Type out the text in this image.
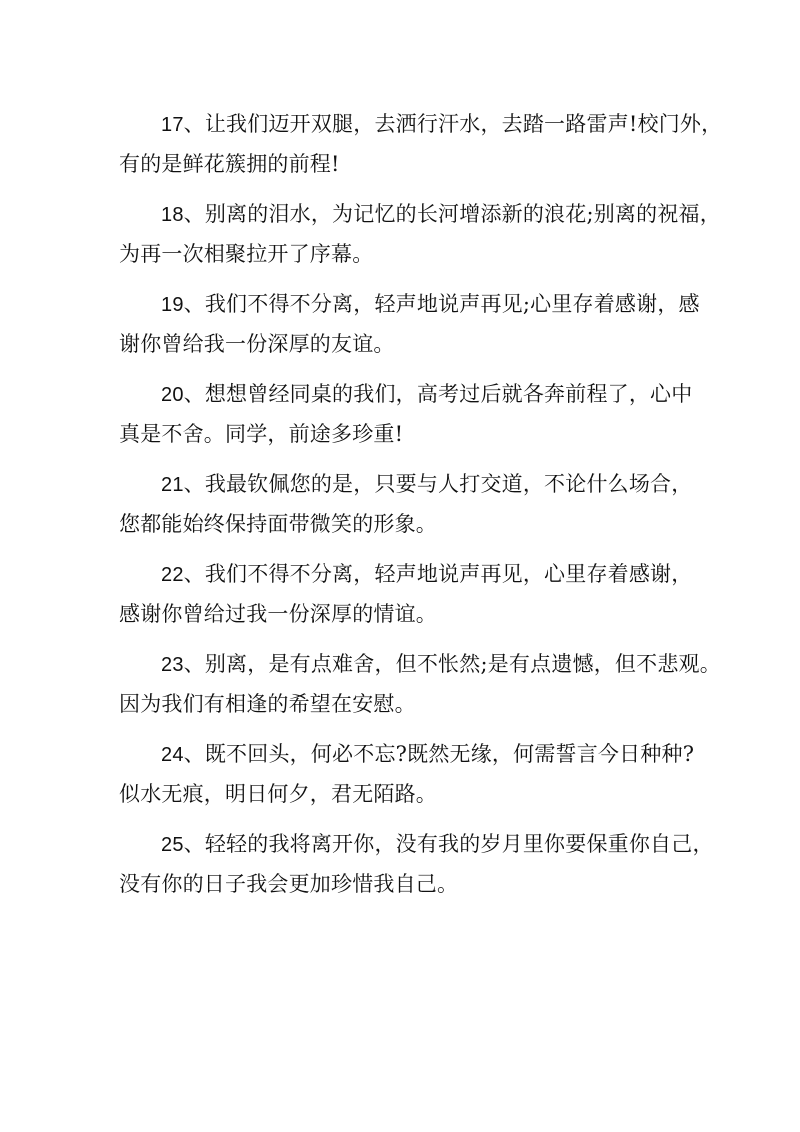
17、让我们迈开双腿，去洒行汗水，去踏一路雷声!校门外，
有的是鲜花簇拥的前程!

18、别离的泪水，为记忆的长河增添新的浪花;别离的祝福，
为再一次相聚拉开了序幕。

19、我们不得不分离，轻声地说声再见;心里存着感谢，感
谢你曾给我一份深厚的友谊。

20、想想曾经同桌的我们，高考过后就各奔前程了，心中
真是不舍。同学，前途多珍重!

21、我最钦佩您的是，只要与人打交道，不论什么场合，
您都能始终保持面带微笑的形象。

22、我们不得不分离，轻声地说声再见，心里存着感谢，
感谢你曾给过我一份深厚的情谊。

23、别离，是有点难舍，但不怅然;是有点遗憾，但不悲观。
因为我们有相逢的希望在安慰。

24、既不回头，何必不忘?既然无缘，何需誓言今日种种?
似水无痕，明日何夕，君无陌路。

25、轻轻的我将离开你，没有我的岁月里你要保重你自己，
没有你的日子我会更加珍惜我自己。
